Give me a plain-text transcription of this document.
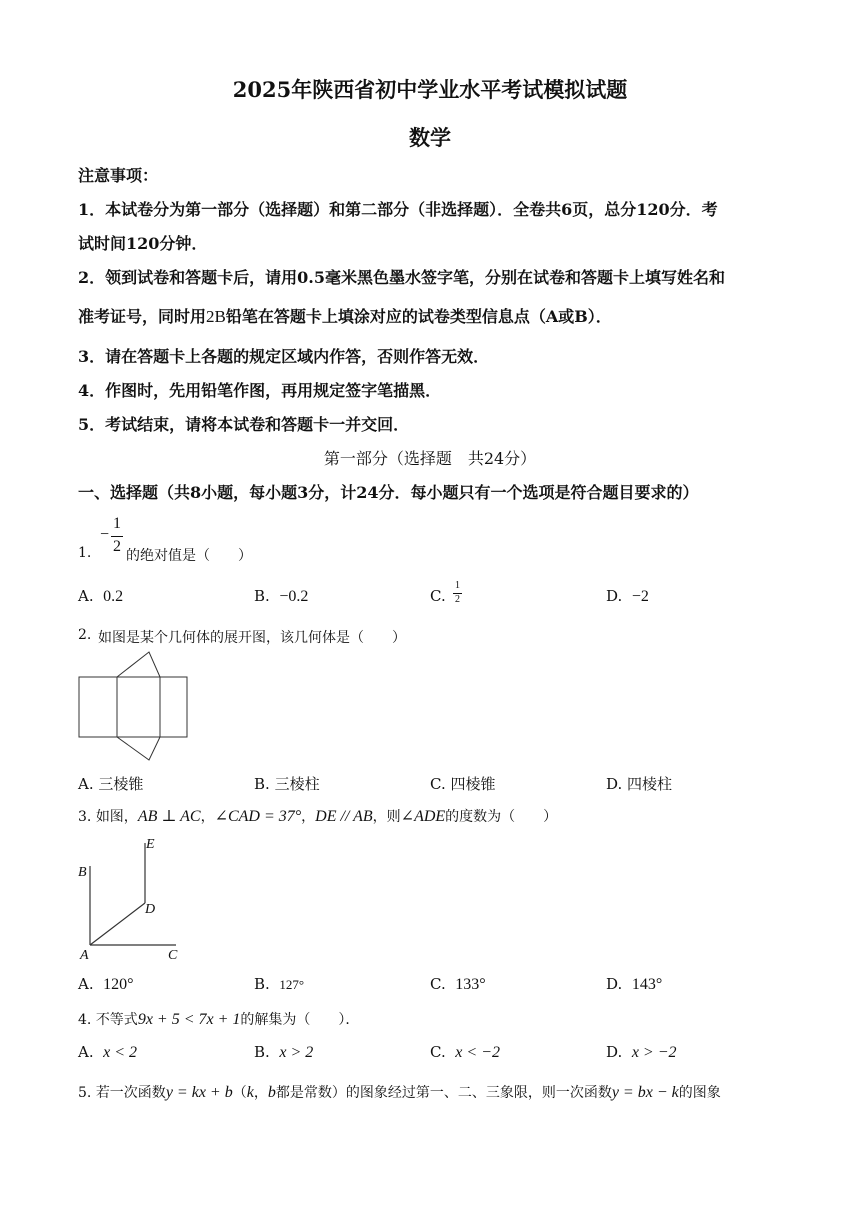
2025年陕西省初中学业水平考试模拟试题
数学
注意事项：
1．本试卷分为第一部分（选择题）和第二部分（非选择题）．全卷共6页，总分120分．考
试时间120分钟．
2．领到试卷和答题卡后，请用0.5毫米黑色墨水签字笔，分别在试卷和答题卡上填写姓名和
准考证号，同时用2B铅笔在答题卡上填涂对应的试卷类型信息点（A或B）．
3．请在答题卡上各题的规定区域内作答，否则作答无效．
4．作图时，先用铅笔作图，再用规定签字笔描黑．
5．考试结束，请将本试卷和答题卡一并交回．
第一部分（选择题　共24分）
一、选择题（共8小题，每小题3分，计24分．每小题只有一个选项是符合题目要求的）
1.
−
1
2
的绝对值是（　　）
A. 0.2	B. −0.2	C.
1
2	D. −2
2. 如图是某个几何体的展开图，该几何体是（　　）
A. 三棱锥	B. 三棱柱	C. 四棱锥	D. 四棱柱
3. 如图，AB ⊥ AC，∠CAD = 37°，DE // AB，则∠ADE的度数为（　　）
E
B
D
A	C
A. 120°	B. 127°	C. 133°	D. 143°
4. 不等式9x + 5 < 7x + 1的解集为（　　）．
A. x < 2	B. x > 2	C. x < −2	D. x > −2
5. 若一次函数y = kx + b（k，b都是常数）的图象经过第一、二、三象限，则一次函数y = bx − k的图象
